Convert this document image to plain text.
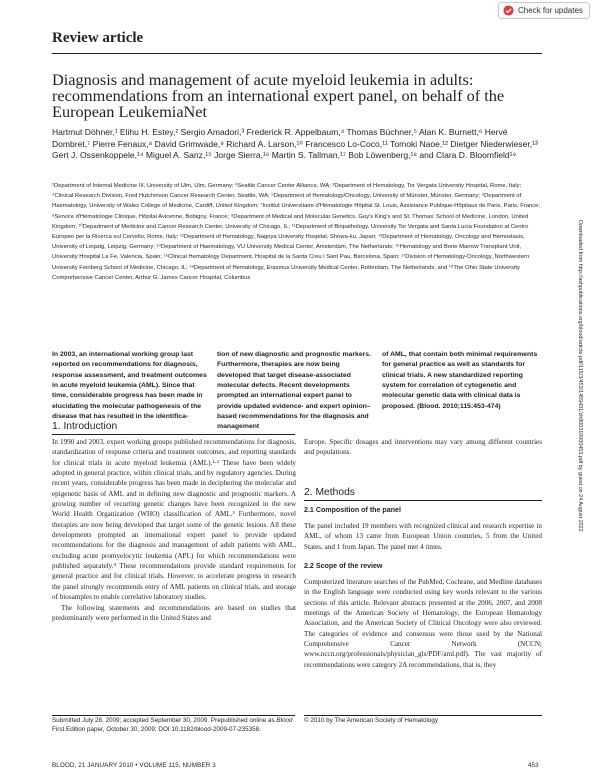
Check for updates
Review article
Diagnosis and management of acute myeloid leukemia in adults: recommendations from an international expert panel, on behalf of the European LeukemiaNet
Hartmut Döhner,¹ Elihu H. Estey,² Sergio Amadori,³ Frederick R. Appelbaum,⁴ Thomas Büchner,⁵ Alan K. Burnett,⁶ Hervé Dombret,⁷ Pierre Fenaux,⁸ David Grimwade,⁹ Richard A. Larson,¹⁰ Francesco Lo-Coco,¹¹ Tomoki Naoe,¹² Dietger Niederwieser,¹³ Gert J. Ossenkoppele,¹⁴ Miguel A. Sanz,¹⁵ Jorge Sierra,¹⁶ Martin S. Tallman,¹⁷ Bob Löwenberg,¹⁸ and Clara D. Bloomfield¹⁹
¹Department of Internal Medicine III, University of Ulm, Ulm, Germany; ²Seattle Cancer Center Alliance, WA; ³Department of Hematology, Tor Vergata University Hospital, Rome, Italy; ⁴Clinical Research Division, Fred Hutchinson Cancer Research Center, Seattle, WA; ⁵Department of Hematology/Oncology, University of Münster, Münster, Germany; ⁶Department of Haematology, University of Wales College of Medicine, Cardiff, United Kingdom; ⁷Institut Universitaire d'Hématologie Hôpital St. Louis, Assistance Publique-Hôpitaux de Paris, Paris, France; ⁸Service d'Hématologie Clinique, Hôpital Avicenne, Bobigny, France; ⁹Department of Medical and Molecular Genetics, Guy's King's and St. Thomas' School of Medicine, London, United Kingdom; ¹⁰Department of Medicine and Cancer Research Center, University of Chicago, IL; ¹¹Department of Biopathology, University Tor Vergata and Santa Lucia Foundation at Centro Europeo per la Ricerca sul Cervello, Rome, Italy; ¹²Department of Hematology, Nagoya University Hospital, Showa-ku, Japan; ¹³Department of Hematology, Oncology and Hemostasis, University of Leipzig, Leipzig, Germany; ¹⁴Department of Haematology, VU University Medical Center, Amsterdam, The Netherlands; ¹⁵Hematology and Bone Marrow Transplant Unit, University Hospital La Fe, Valencia, Spain; ¹⁶Clinical Hematology Department, Hospital de la Santa Creu i Sant Pau, Barcelona, Spain; ¹⁷Division of Hematology-Oncology, Northwestern University Feinberg School of Medicine, Chicago, IL; ¹⁸Department of Hematology, Erasmus University Medical Center, Rotterdam, The Netherlands; and ¹⁹The Ohio State University Comprehensive Cancer Center, Arthur G. James Cancer Hospital, Columbus
In 2003, an international working group last reported on recommendations for diagnosis, response assessment, and treatment outcomes in acute myeloid leukemia (AML). Since that time, considerable progress has been made in elucidating the molecular pathogenesis of the disease that has resulted in the identifica-
tion of new diagnostic and prognostic markers. Furthermore, therapies are now being developed that target disease-associated molecular defects. Recent developments prompted an international expert panel to provide updated evidence- and expert opinion–based recommendations for the diagnosis and management
of AML, that contain both minimal requirements for general practice as well as standards for clinical trials. A new standardized reporting system for correlation of cytogenetic and molecular genetic data with clinical data is proposed. (Blood. 2010;115:453-474)
1. Introduction

In 1990 and 2003, expert working groups published recommendations for diagnosis, standardization of response criteria and treatment outcomes, and reporting standards for clinical trials in acute myeloid leukemia (AML).¹·² These have been widely adopted in general practice, within clinical trials, and by regulatory agencies. During recent years, considerable progress has been made in deciphering the molecular and epigenetic basis of AML and in defining new diagnostic and prognostic markers. A growing number of recurring genetic changes have been recognized in the new World Health Organization (WHO) classification of AML.³ Furthermore, novel therapies are now being developed that target some of the genetic lesions. All these developments prompted an international expert panel to provide updated recommendations for the diagnosis and management of adult patients with AML, excluding acute promyelocytic leukemia (APL) for which recommendations were published separately.⁴ These recommendations provide standard requirements for general practice and for clinical trials. However, to accelerate progress in research the panel strongly recommends entry of AML patients on clinical trials, and storage of biosamples to enable correlative laboratory studies.

The following statements and recommendations are based on studies that predominantly were performed in the United States and

Europe. Specific dosages and interventions may vary among different countries and populations.
2. Methods
2.1 Composition of the panel
The panel included 19 members with recognized clinical and research expertise in AML, of whom 13 came from European Union countries, 5 from the United States, and 1 from Japan. The panel met 4 times.
2.2 Scope of the review
Computerized literature searches of the PubMed, Cochrane, and Medline databases in the English language were conducted using key words relevant to the various sections of this article. Relevant abstracts presented at the 2006, 2007, and 2008 meetings of the American Society of Hematology, the European Hematology Association, and the American Society of Clinical Oncology were also reviewed. The categories of evidence and consensus were those used by the National Comprehensive Cancer Network (NCCN; www.nccn.org/professionals/physician_gls/PDF/aml.pdf). The vast majority of recommendations were category 2A recommendations, that is, they
Submitted July 28, 2009; accepted September 30, 2009. Prepublished online as Blood First Edition paper, October 30, 2009; DOI 10.1182/blood-2009-07-235358.
© 2010 by The American Society of Hematology
BLOOD, 21 JANUARY 2010 • VOLUME 115, NUMBER 3	453
Downloaded from http://ashpublications.org/blood/article-pdf/115/3/453/1459431/zh800310000453.pdf by guest on 24 August 2022
